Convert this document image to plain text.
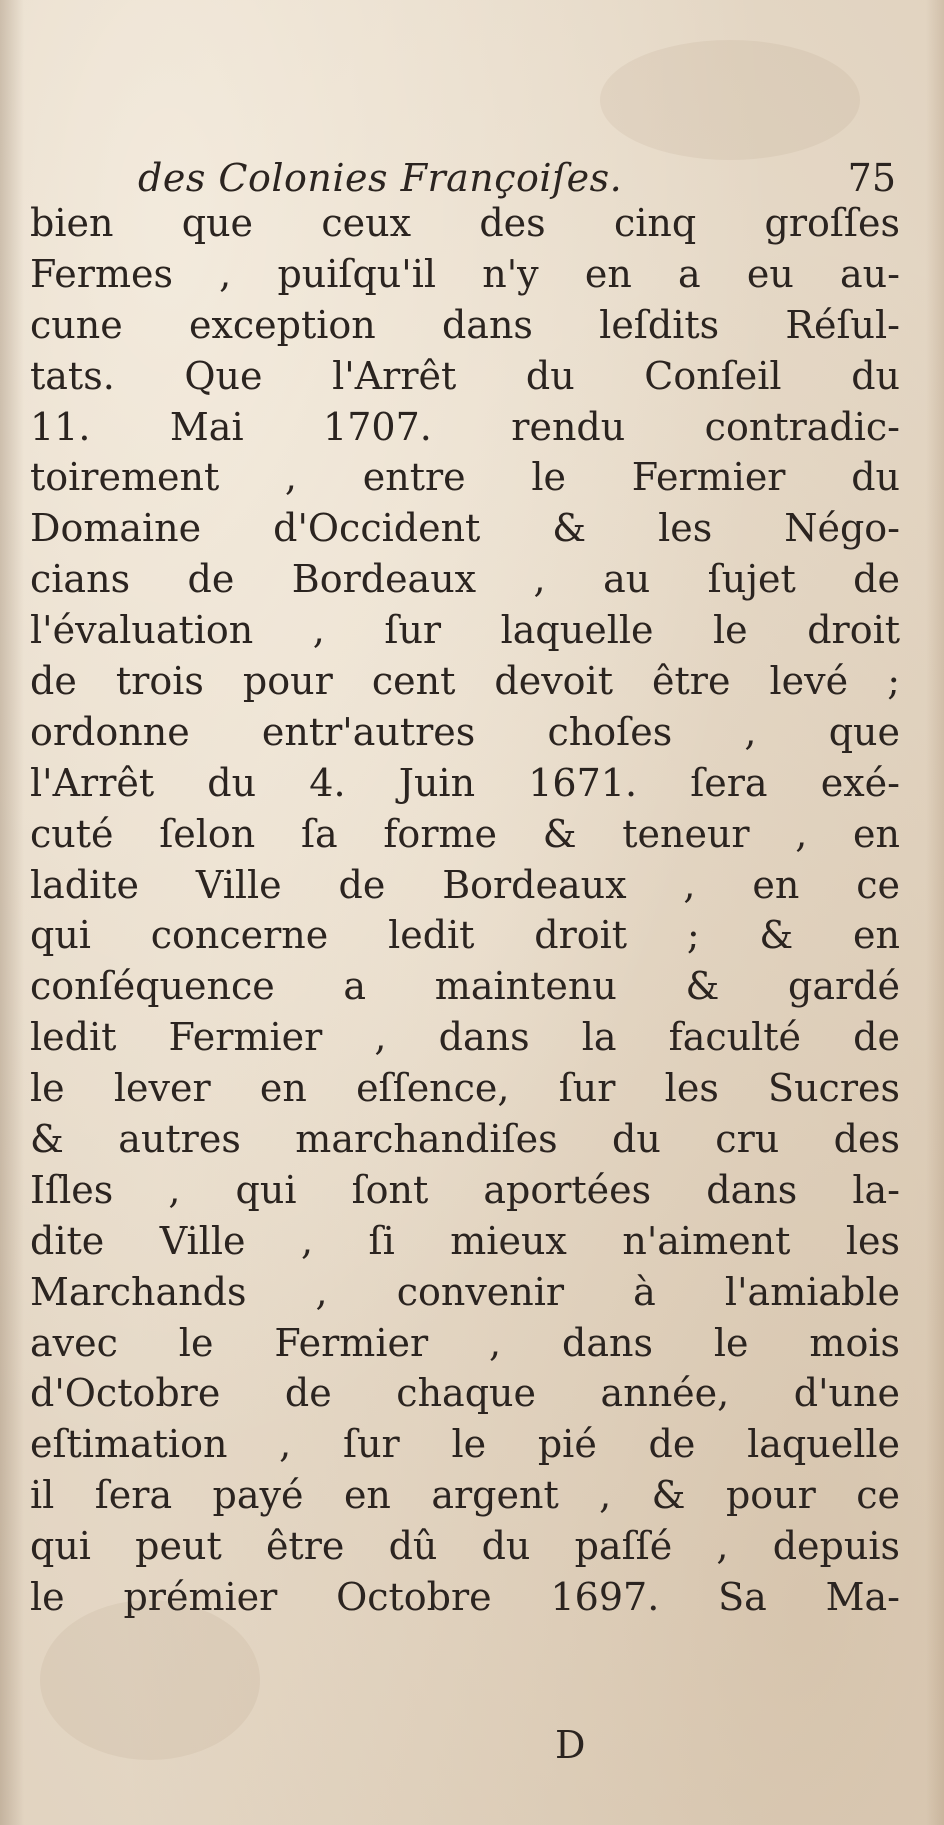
des Colonies Françoiſes.	75
bien que ceux des cinq groſſes
Fermes , puiſqu'il n'y en a eu au-
cune exception dans leſdits Réſul-
tats. Que l'Arrêt du Conſeil du
11. Mai 1707. rendu contradic-
toirement , entre le Fermier du
Domaine d'Occident & les Négo-
cians de Bordeaux , au ſujet de
l'évaluation , ſur laquelle le droit
de trois pour cent devoit être levé ;
ordonne entr'autres choſes , que
l'Arrêt du 4. Juin 1671. ſera exé-
cuté ſelon ſa forme & teneur , en
ladite Ville de Bordeaux , en ce
qui concerne ledit droit ; & en
conſéquence a maintenu & gardé
ledit Fermier , dans la faculté de
le lever en eſſence, ſur les Sucres
& autres marchandiſes du cru des
Iſles , qui ſont aportées dans la-
dite Ville , ſi mieux n'aiment les
Marchands , convenir à l'amiable
avec le Fermier , dans le mois
d'Octobre de chaque année, d'une
eſtimation , ſur le pié de laquelle
il ſera payé en argent , & pour ce
qui peut être dû du paſſé , depuis
le prémier Octobre 1697. Sa Ma-
D
